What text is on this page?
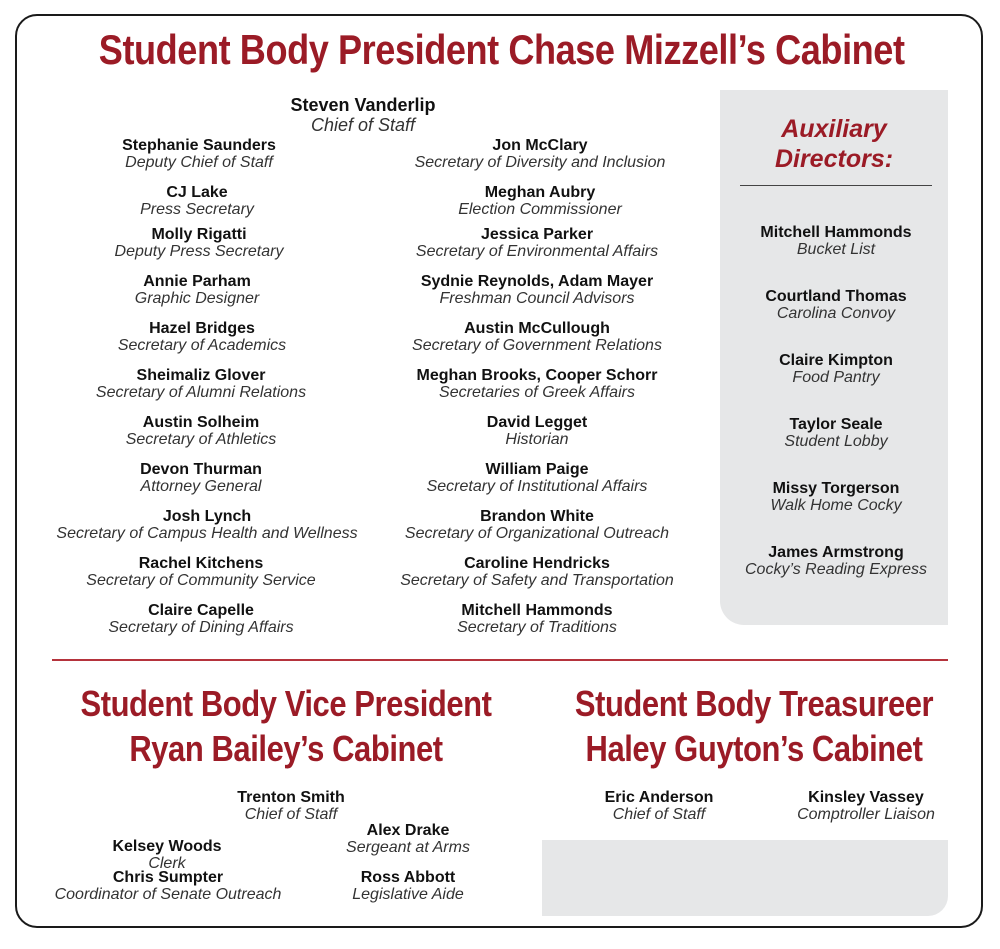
Student Body President Chase Mizzell’s Cabinet
Steven Vanderlip
Chief of Staff
Stephanie Saunders
Deputy Chief of Staff
CJ Lake
Press Secretary
Molly Rigatti
Deputy Press Secretary
Annie Parham
Graphic Designer
Hazel Bridges
Secretary of Academics
Sheimaliz Glover
Secretary of Alumni Relations
Austin Solheim
Secretary of Athletics
Devon Thurman
Attorney General
Josh Lynch
Secretary of Campus Health and Wellness
Rachel Kitchens
Secretary of Community Service
Claire Capelle
Secretary of Dining Affairs
Jon McClary
Secretary of Diversity and Inclusion
Meghan Aubry
Election Commissioner
Jessica Parker
Secretary of Environmental Affairs
Sydnie Reynolds, Adam Mayer
Freshman Council Advisors
Austin McCullough
Secretary of Government Relations
Meghan Brooks, Cooper Schorr
Secretaries of Greek Affairs
David Legget
Historian
William Paige
Secretary of Institutional Affairs
Brandon White
Secretary of Organizational Outreach
Caroline Hendricks
Secretary of Safety and Transportation
Mitchell Hammonds
Secretary of Traditions
Auxiliary
Directors:
Mitchell Hammonds
Bucket List
Courtland Thomas
Carolina Convoy
Claire Kimpton
Food Pantry
Taylor Seale
Student Lobby
Missy Torgerson
Walk Home Cocky
James Armstrong
Cocky’s Reading Express
Student Body Vice President
Ryan Bailey’s Cabinet
Trenton Smith
Chief of Staff
Alex Drake
Sergeant at Arms
Kelsey Woods
Clerk
Chris Sumpter
Coordinator of Senate Outreach
Ross Abbott
Legislative Aide
Student Body Treasureer
Haley Guyton’s Cabinet
Eric Anderson
Chief of Staff
Kinsley Vassey
Comptroller Liaison
